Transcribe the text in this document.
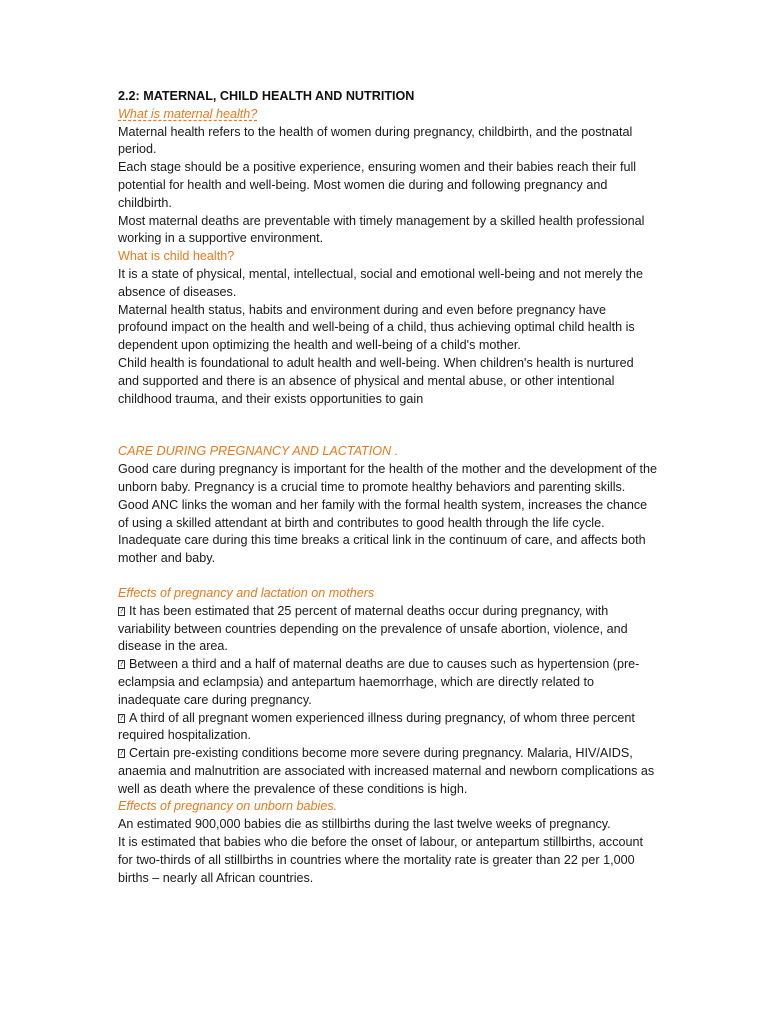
2.2: MATERNAL, CHILD HEALTH AND NUTRITION

What is maternal health?

Maternal health refers to the health of women during pregnancy, childbirth, and the postnatal period.

Each stage should be a positive experience, ensuring women and their babies reach their full potential for health and well-being. Most women die during and following pregnancy and childbirth.

Most maternal deaths are preventable with timely management by a skilled health professional working in a supportive environment.

What is child health?

It is a state of physical, mental, intellectual, social and emotional well-being and not merely the absence of diseases.

Maternal health status, habits and environment during and even before pregnancy have profound impact on the health and well-being of a child, thus achieving optimal child health is dependent upon optimizing the health and well-being of a child's mother.

Child health is foundational to adult health and well-being. When children's health is nurtured and supported and there is an absence of physical and mental abuse, or other intentional childhood trauma, and their exists opportunities to gain

CARE DURING PREGNANCY AND LACTATION .

Good care during pregnancy is important for the health of the mother and the development of the unborn baby. Pregnancy is a crucial time to promote healthy behaviors and parenting skills.

Good ANC links the woman and her family with the formal health system, increases the chance of using a skilled attendant at birth and contributes to good health through the life cycle. Inadequate care during this time breaks a critical link in the continuum of care, and affects both mother and baby.

Effects of pregnancy and lactation on mothers

?It has been estimated that 25 percent of maternal deaths occur during pregnancy, with variability between countries depending on the prevalence of unsafe abortion, violence, and disease in the area.

?Between a third and a half of maternal deaths are due to causes such as hypertension (pre-eclampsia and eclampsia) and antepartum haemorrhage, which are directly related to inadequate care during pregnancy.

?A third of all pregnant women experienced illness during pregnancy, of whom three percent required hospitalization.

?Certain pre-existing conditions become more severe during pregnancy. Malaria, HIV/AIDS, anaemia and malnutrition are associated with increased maternal and newborn complications as well as death where the prevalence of these conditions is high.

Effects of pregnancy on unborn babies.

An estimated 900,000 babies die as stillbirths during the last twelve weeks of pregnancy.

It is estimated that babies who die before the onset of labour, or antepartum stillbirths, account for two-thirds of all stillbirths in countries where the mortality rate is greater than 22 per 1,000 births – nearly all African countries.
